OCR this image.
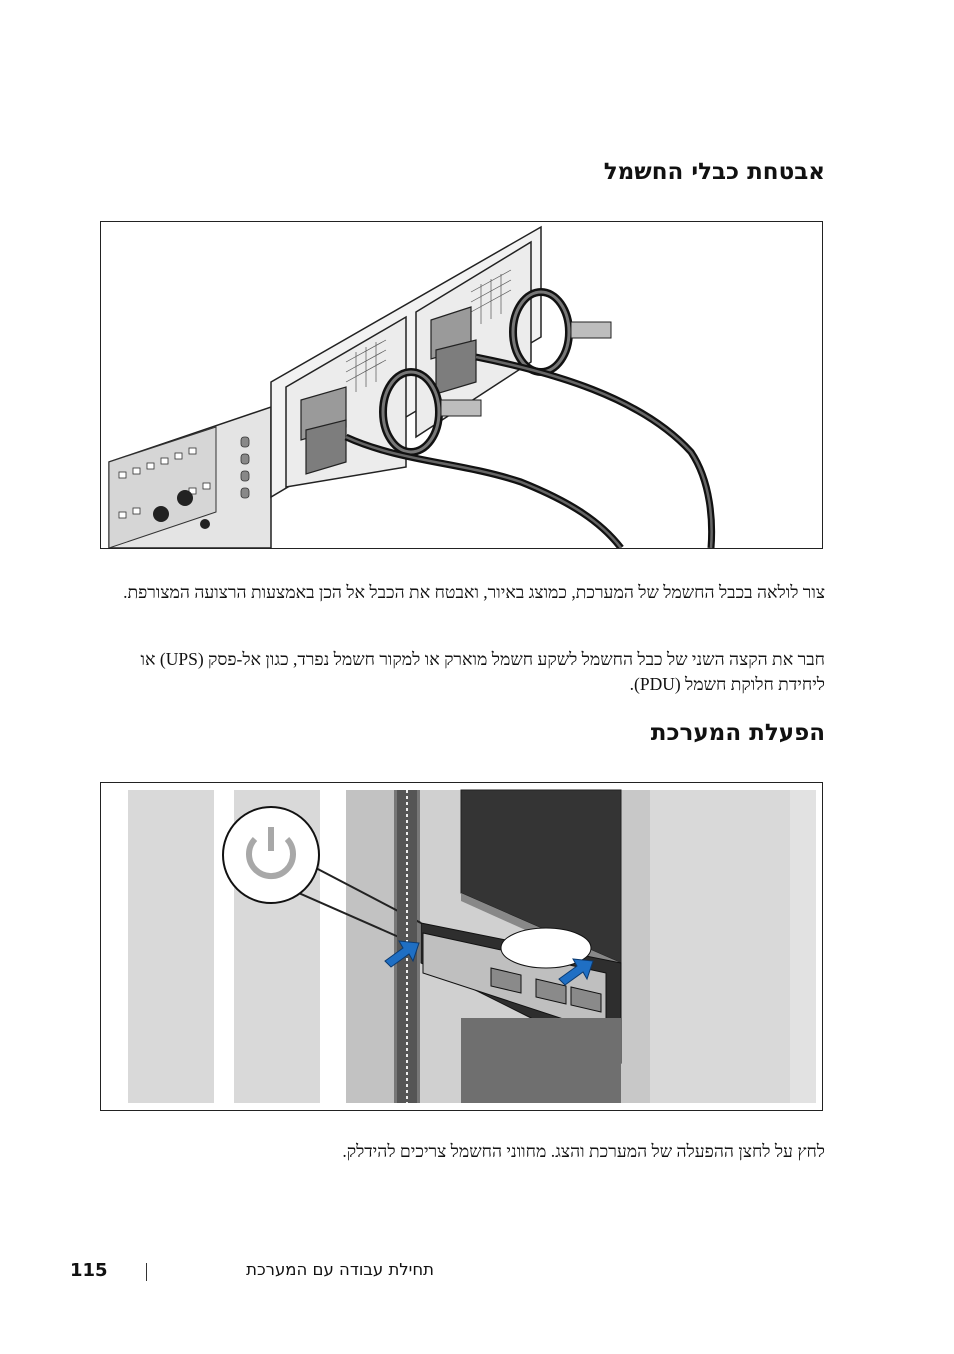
אבטחת כבלי החשמל

צור לולאה בכבל החשמל של המערכת, כמוצג באיור, ואבטח את הכבל אל הכן באמצעות הרצועה המצורפת.

חבר את הקצה השני של כבל החשמל לשקע חשמל מוארק או למקור חשמל נפרד, כגון אל-פסק (UPS) או ליחידת חלוקת חשמל (PDU).

הפעלת המערכת

לחץ על לחצן ההפעלה של המערכת והצג. מחווני החשמל צריכים להידלק.

115	תחילת עבודה עם המערכת
